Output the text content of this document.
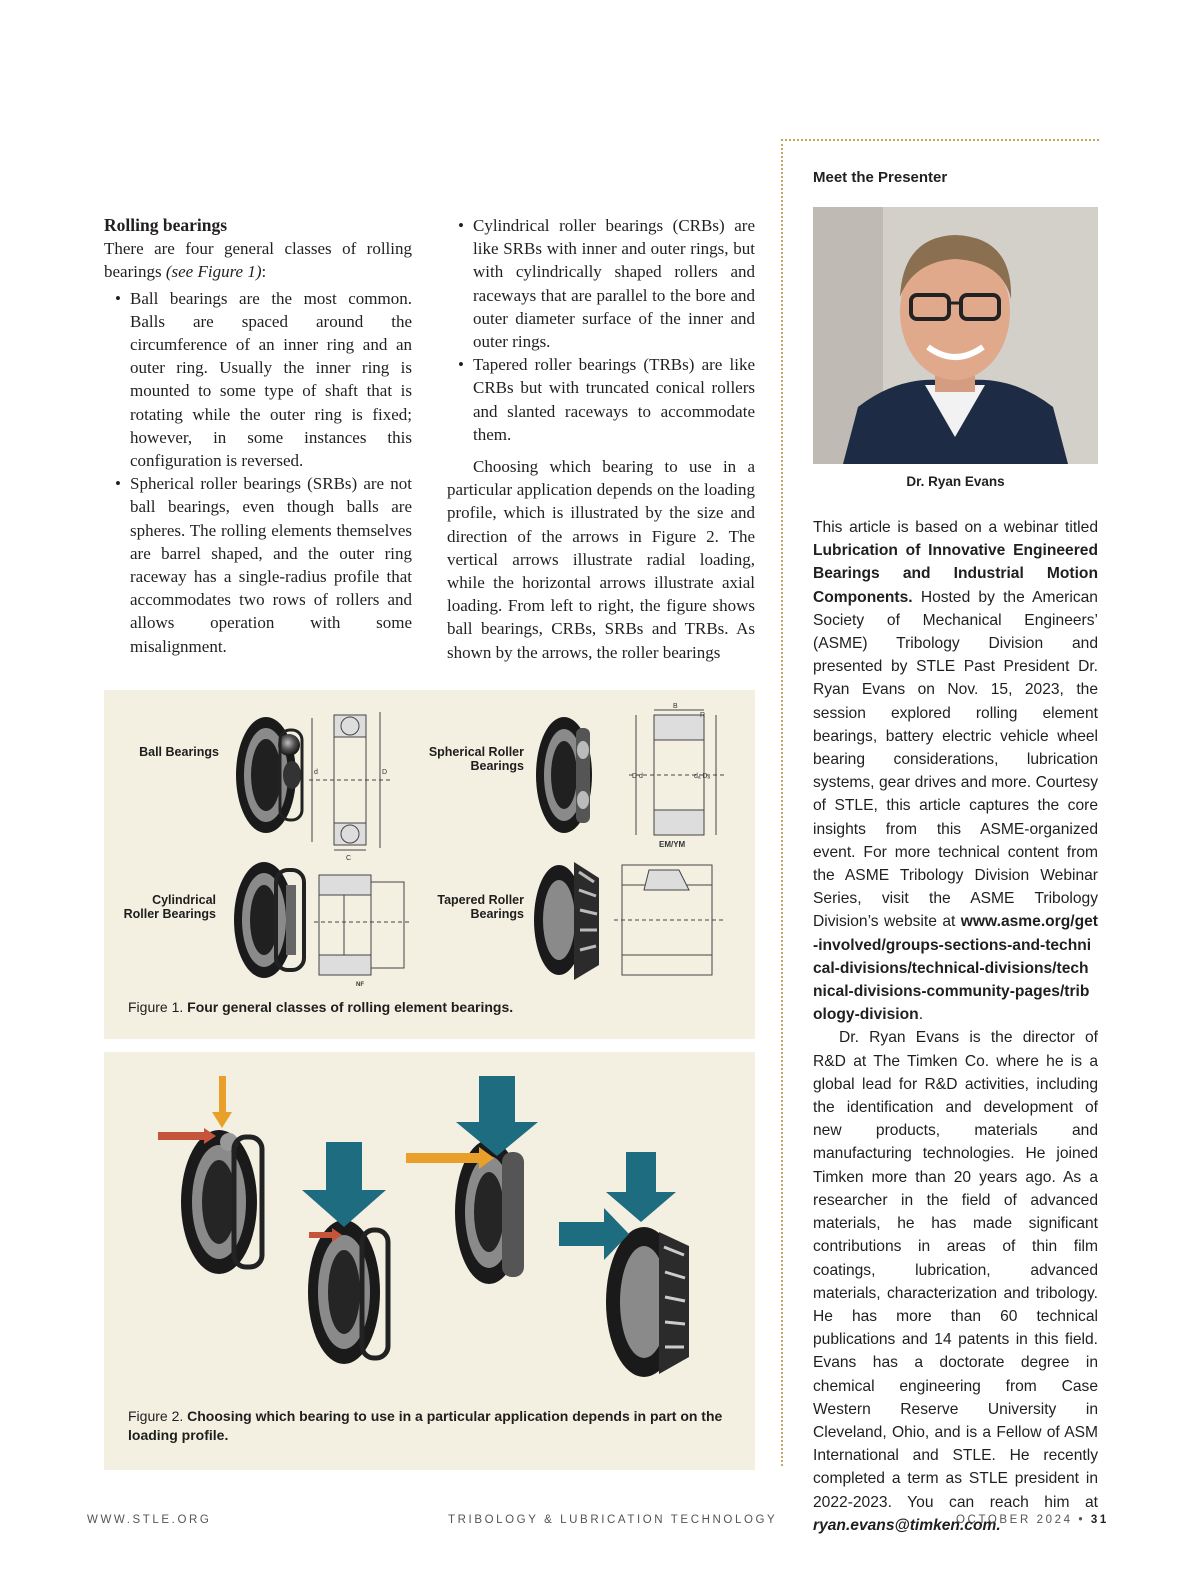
Rolling bearings

There are four general classes of rolling bearings (see Figure 1):

• Ball bearings are the most common. Balls are spaced around the circumference of an inner ring and an outer ring. Usually the inner ring is mounted to some type of shaft that is rotating while the outer ring is fixed; however, in some instances this configuration is reversed.
• Spherical roller bearings (SRBs) are not ball bearings, even though balls are spheres. The rolling elements themselves are barrel shaped, and the outer ring raceway has a single-radius profile that accommodates two rows of rollers and allows operation with some misalignment.
• Cylindrical roller bearings (CRBs) are like SRBs with inner and outer rings, but with cylindrically shaped rollers and raceways that are parallel to the bore and outer diameter surface of the inner and outer rings.
• Tapered roller bearings (TRBs) are like CRBs but with truncated conical rollers and slanted raceways to accommodate them.

Choosing which bearing to use in a particular application depends on the loading profile, which is illustrated by the size and direction of the arrows in Figure 2. The vertical arrows illustrate radial loading, while the horizontal arrows illustrate axial loading. From left to right, the figure shows ball bearings, CRBs, SRBs and TRBs. As shown by the arrows, the roller bearings

Ball Bearings	Spherical Roller Bearings
Cylindrical Roller Bearings
Tapered Roller Bearings
d	D
C
B
R
D d	dₐ Dₐ
EM/YM
NF
Figure 1. Four general classes of rolling element bearings.
Figure 2. Choosing which bearing to use in a particular application depends in part on the loading profile.
Meet the Presenter
Dr. Ryan Evans

This article is based on a webinar titled Lubrication of Innovative Engineered Bearings and Industrial Motion Components. Hosted by the American Society of Mechanical Engineers’ (ASME) Tribology Division and presented by STLE Past President Dr. Ryan Evans on Nov. 15, 2023, the session explored rolling element bearings, battery electric vehicle wheel bearing considerations, lubrication systems, gear drives and more. Courtesy of STLE, this article captures the core insights from this ASME-organized event. For more technical content from the ASME Tribology Division Webinar Series, visit the ASME Tribology Division’s website at www.asme.org/get-involved/groups-sections-and-technical-divisions/technical-divisions/technical-divisions-community-pages/tribology-division.

Dr. Ryan Evans is the director of R&D at The Timken Co. where he is a global lead for R&D activities, including the identification and development of new products, materials and manufacturing technologies. He joined Timken more than 20 years ago. As a researcher in the field of advanced materials, he has made significant contributions in areas of thin film coatings, lubrication, advanced materials, characterization and tribology. He has more than 60 technical publications and 14 patents in this field. Evans has a doctorate degree in chemical engineering from Case Western Reserve University in Cleveland, Ohio, and is a Fellow of ASM International and STLE. He recently completed a term as STLE president in 2022-2023. You can reach him at ryan.evans@timken.com.

WWW.STLE.ORG	TRIBOLOGY & LUBRICATION TECHNOLOGY	OCTOBER 2024 • 31
